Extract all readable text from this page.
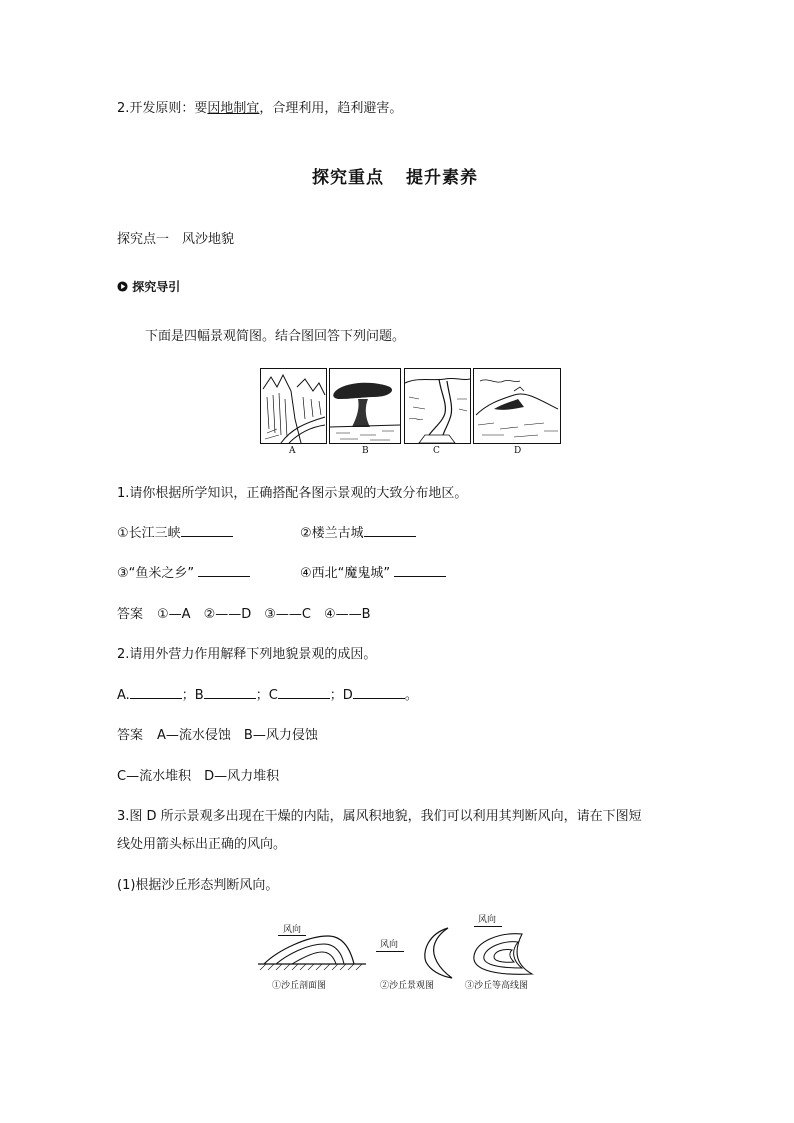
2.开发原则：要因地制宜，合理利用，趋利避害。
探究重点 提升素养
探究点一　风沙地貌
探究导引
下面是四幅景观简图。结合图回答下列问题。
A	B	C	D
1.请你根据所学知识，正确搭配各图示景观的大致分布地区。
①长江三峡	②楼兰古城
③“鱼米之乡”	④西北“魔鬼城”
答案 ①—A　②——D　③——C　④——B
2.请用外营力作用解释下列地貌景观的成因。
A.	；B	；C	；D	。
答案 A—流水侵蚀　B—风力侵蚀
C—流水堆积　D—风力堆积
3.图 D 所示景观多出现在干燥的内陆，属风积地貌，我们可以利用其判断风向，请在下图短
线处用箭头标出正确的风向。
(1)根据沙丘形态判断风向。
风向
①沙丘剖面图
风向
②沙丘景观图
风向
③沙丘等高线图
